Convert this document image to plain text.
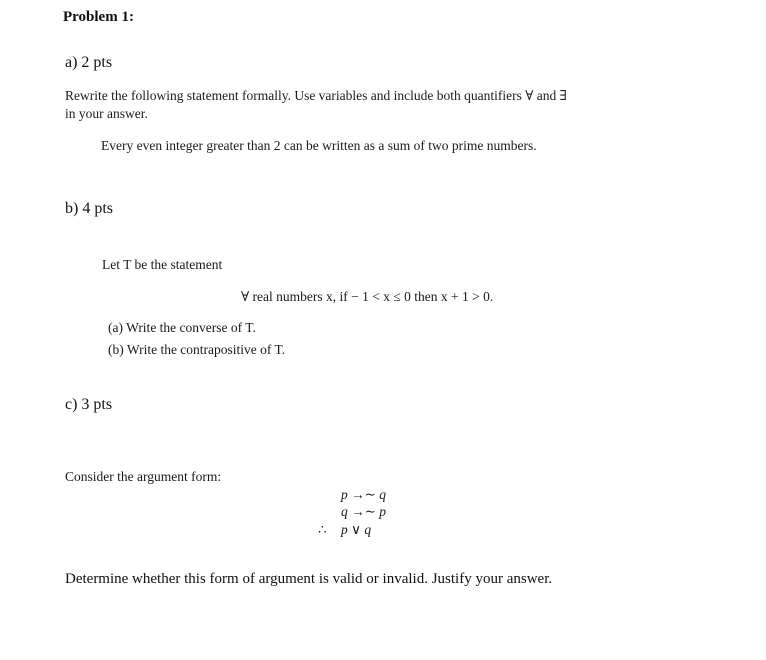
Problem 1:
a) 2 pts
Rewrite the following statement formally. Use variables and include both quantifiers ∀ and ∃
in your answer.
Every even integer greater than 2 can be written as a sum of two prime numbers.
b) 4 pts
Let T be the statement
∀ real numbers x, if − 1 < x ≤ 0 then x + 1 > 0.
(a) Write the converse of T.
(b) Write the contrapositive of T.
c) 3 pts
Consider the argument form:
p →∼ q
q →∼ p
∴ p ∨ q
Determine whether this form of argument is valid or invalid. Justify your answer.
